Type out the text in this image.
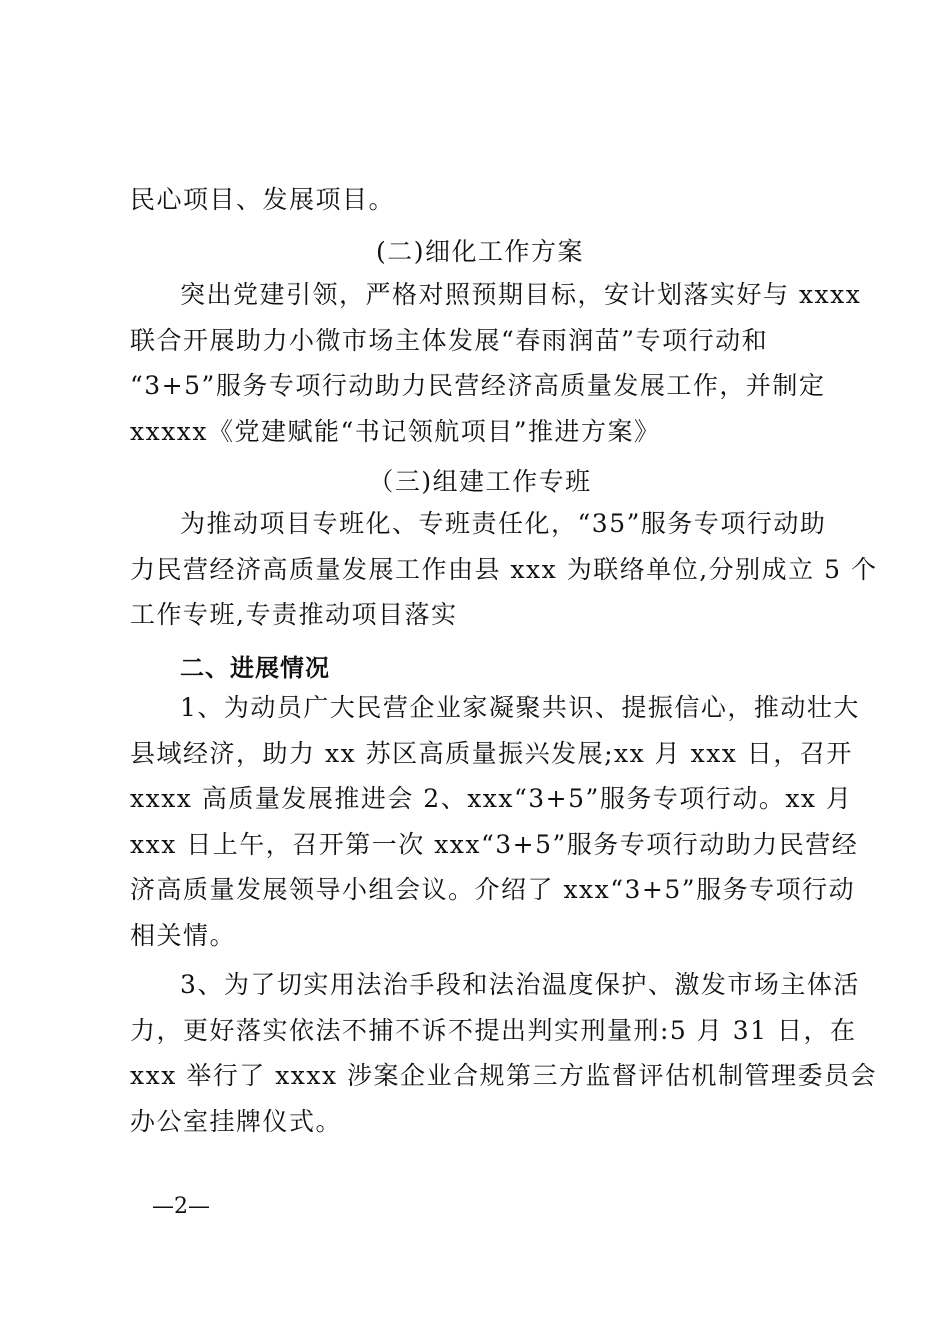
民心项目、发展项目。
(二)细化工作方案
突出党建引领，严格对照预期目标，安计划落实好与 xxxx
联合开展助力小微市场主体发展“春雨润苗”专项行动和
“3+5”服务专项行动助力民营经济高质量发展工作，并制定
xxxxx《党建赋能“书记领航项目”推进方案》
（三)组建工作专班
为推动项目专班化、专班责任化，“35”服务专项行动助
力民营经济高质量发展工作由县 xxx 为联络单位,分别成立 5 个
工作专班,专责推动项目落实
二、进展情况
1、为动员广大民营企业家凝聚共识、提振信心，推动壮大
县域经济，助力 xx 苏区高质量振兴发展;xx 月 xxx 日，召开
xxxx 高质量发展推进会 2、xxx“3+5”服务专项行动。xx 月
xxx 日上午，召开第一次 xxx“3+5”服务专项行动助力民营经
济高质量发展领导小组会议。介绍了 xxx“3+5”服务专项行动
相关情。
3、为了切实用法治手段和法治温度保护、激发市场主体活
力，更好落实依法不捕不诉不提出判实刑量刑:5 月 31 日，在
xxx 举行了 xxxx 涉案企业合规第三方监督评估机制管理委员会
办公室挂牌仪式。
—2—
